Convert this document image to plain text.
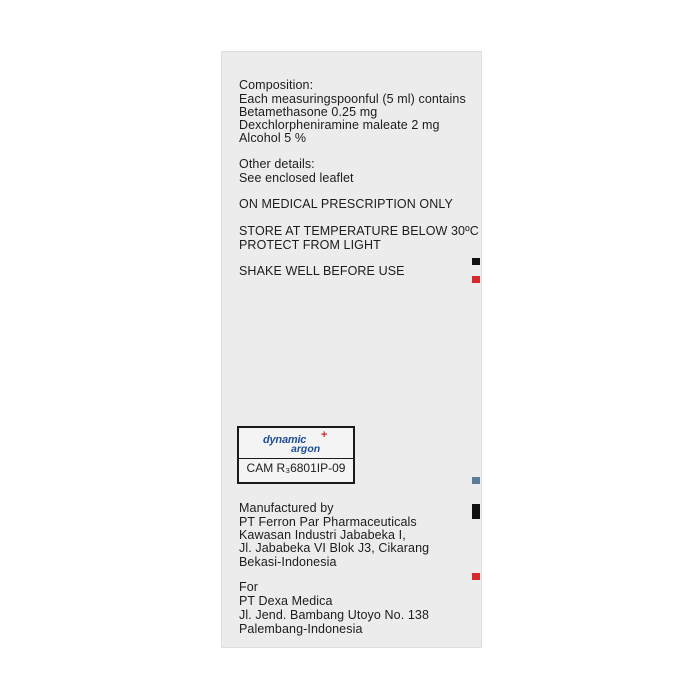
Composition:
Each measuringspoonful (5 ml) contains
Betamethasone 0.25 mg
Dexchlorpheniramine maleate 2 mg
Alcohol 5 %
Other details:
See enclosed leaflet
ON MEDICAL PRESCRIPTION ONLY
STORE AT TEMPERATURE BELOW 30ºC
PROTECT FROM LIGHT
SHAKE WELL BEFORE USE
dynamic +
argon
CAM R₃6801IP-09
Manufactured by
PT Ferron Par Pharmaceuticals
Kawasan Industri Jababeka I,
Jl. Jababeka VI Blok J3, Cikarang
Bekasi-Indonesia
For
PT Dexa Medica
Jl. Jend. Bambang Utoyo No. 138
Palembang-Indonesia
